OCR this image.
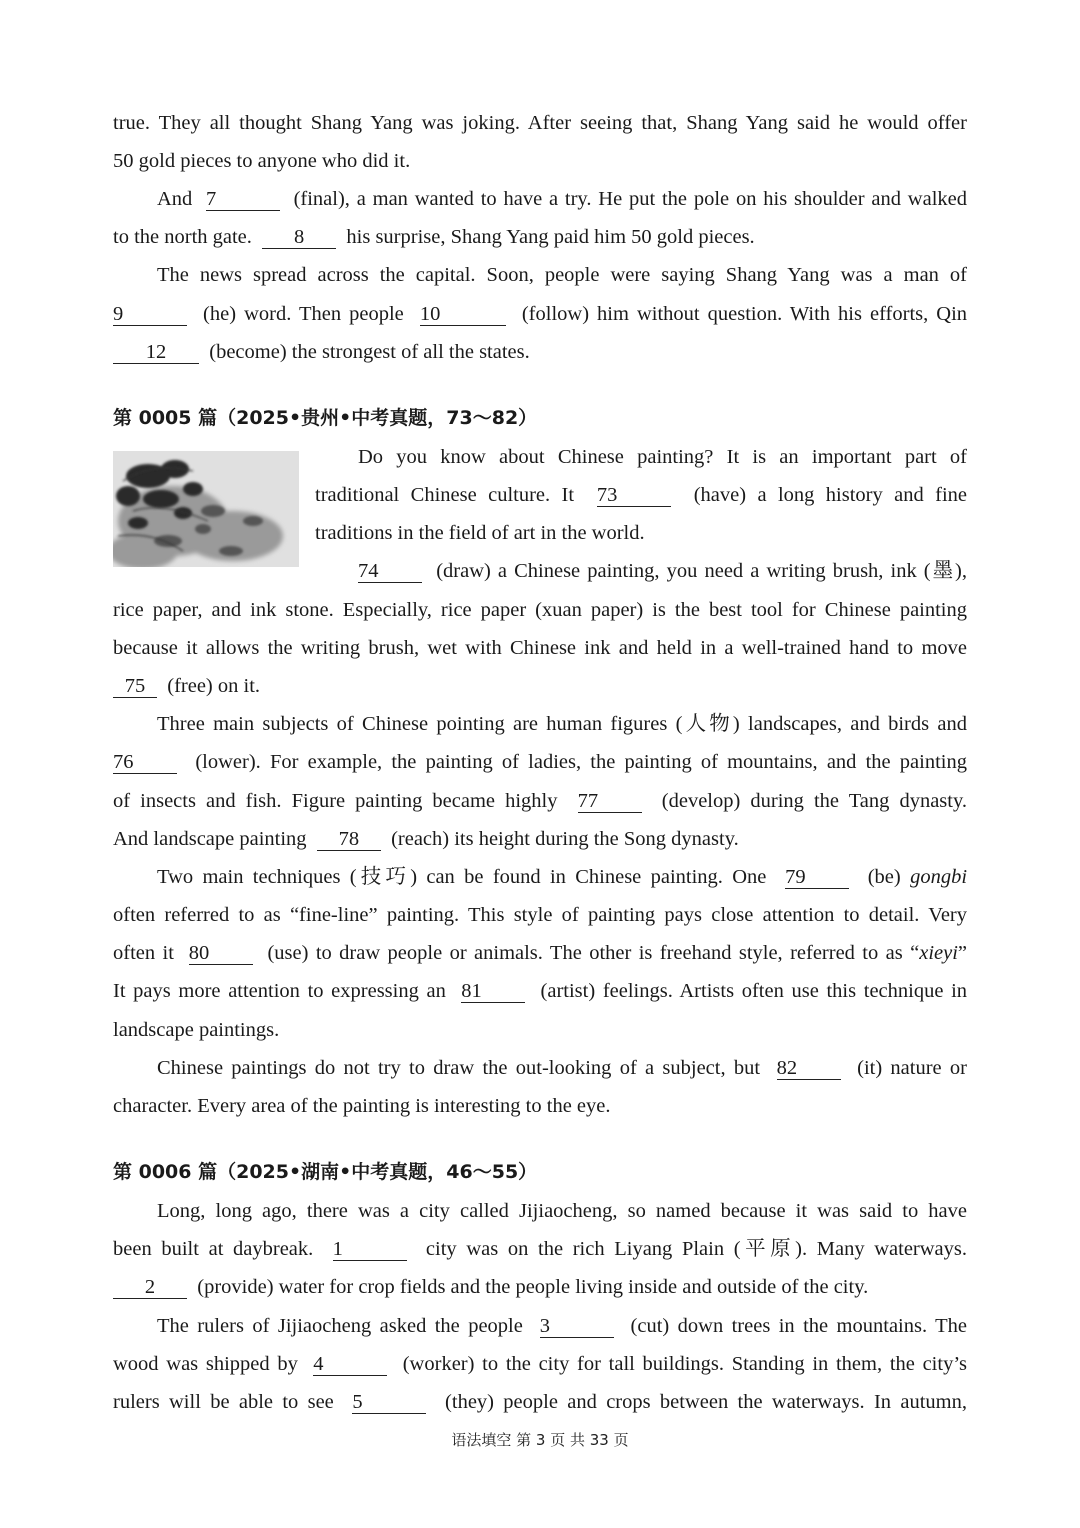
true. They all thought Shang Yang was joking. After seeing that, Shang Yang said he would offer
50 gold pieces to anyone who did it.
And 7	(final), a man wanted to have a try. He put the pole on his shoulder and walked
to the north gate. 8 his surprise, Shang Yang paid him 50 gold pieces.
The news spread across the capital. Soon, people were saying Shang Yang was a man of
9	(he) word. Then people 10	(follow) him without question. With his efforts, Qin
12 (become) the strongest of all the states.
第 0005 篇（2025•贵州•中考真题，73～82）
Do you know about Chinese painting? It is an important part of
traditional Chinese culture. It 73	(have) a long history and fine
traditions in the field of art in the world.
74	(draw) a Chinese painting, you need a writing brush, ink (墨),
rice paper, and ink stone. Especially, rice paper (xuan paper) is the best tool for Chinese painting
because it allows the writing brush, wet with Chinese ink and held in a well-trained hand to move
75 (free) on it.
Three main subjects of Chinese pointing are human figures (人物) landscapes, and birds and
76	(lower). For example, the painting of ladies, the painting of mountains, and the painting
of insects and fish. Figure painting became highly 77	(develop) during the Tang dynasty.
And landscape painting 78 (reach) its height during the Song dynasty.
Two main techniques (技巧) can be found in Chinese painting. One 79	(be) gongbi
often referred to as “fine-line” painting. This style of painting pays close attention to detail. Very
often it 80	(use) to draw people or animals. The other is freehand style, referred to as “xieyi”
It pays more attention to expressing an 81	(artist) feelings. Artists often use this technique in
landscape paintings.
Chinese paintings do not try to draw the out-looking of a subject, but 82	(it) nature or
character. Every area of the painting is interesting to the eye.
第 0006 篇（2025•湖南•中考真题，46～55）
Long, long ago, there was a city called Jijiaocheng, so named because it was said to have
been built at daybreak. 1	city was on the rich Liyang Plain (平原). Many waterways.
2 (provide) water for crop fields and the people living inside and outside of the city.
The rulers of Jijiaocheng asked the people 3	(cut) down trees in the mountains. The
wood was shipped by 4	(worker) to the city for tall buildings. Standing in them, the city’s
rulers will be able to see 5	(they) people and crops between the waterways. In autumn,
语法填空 第 3 页 共 33 页
